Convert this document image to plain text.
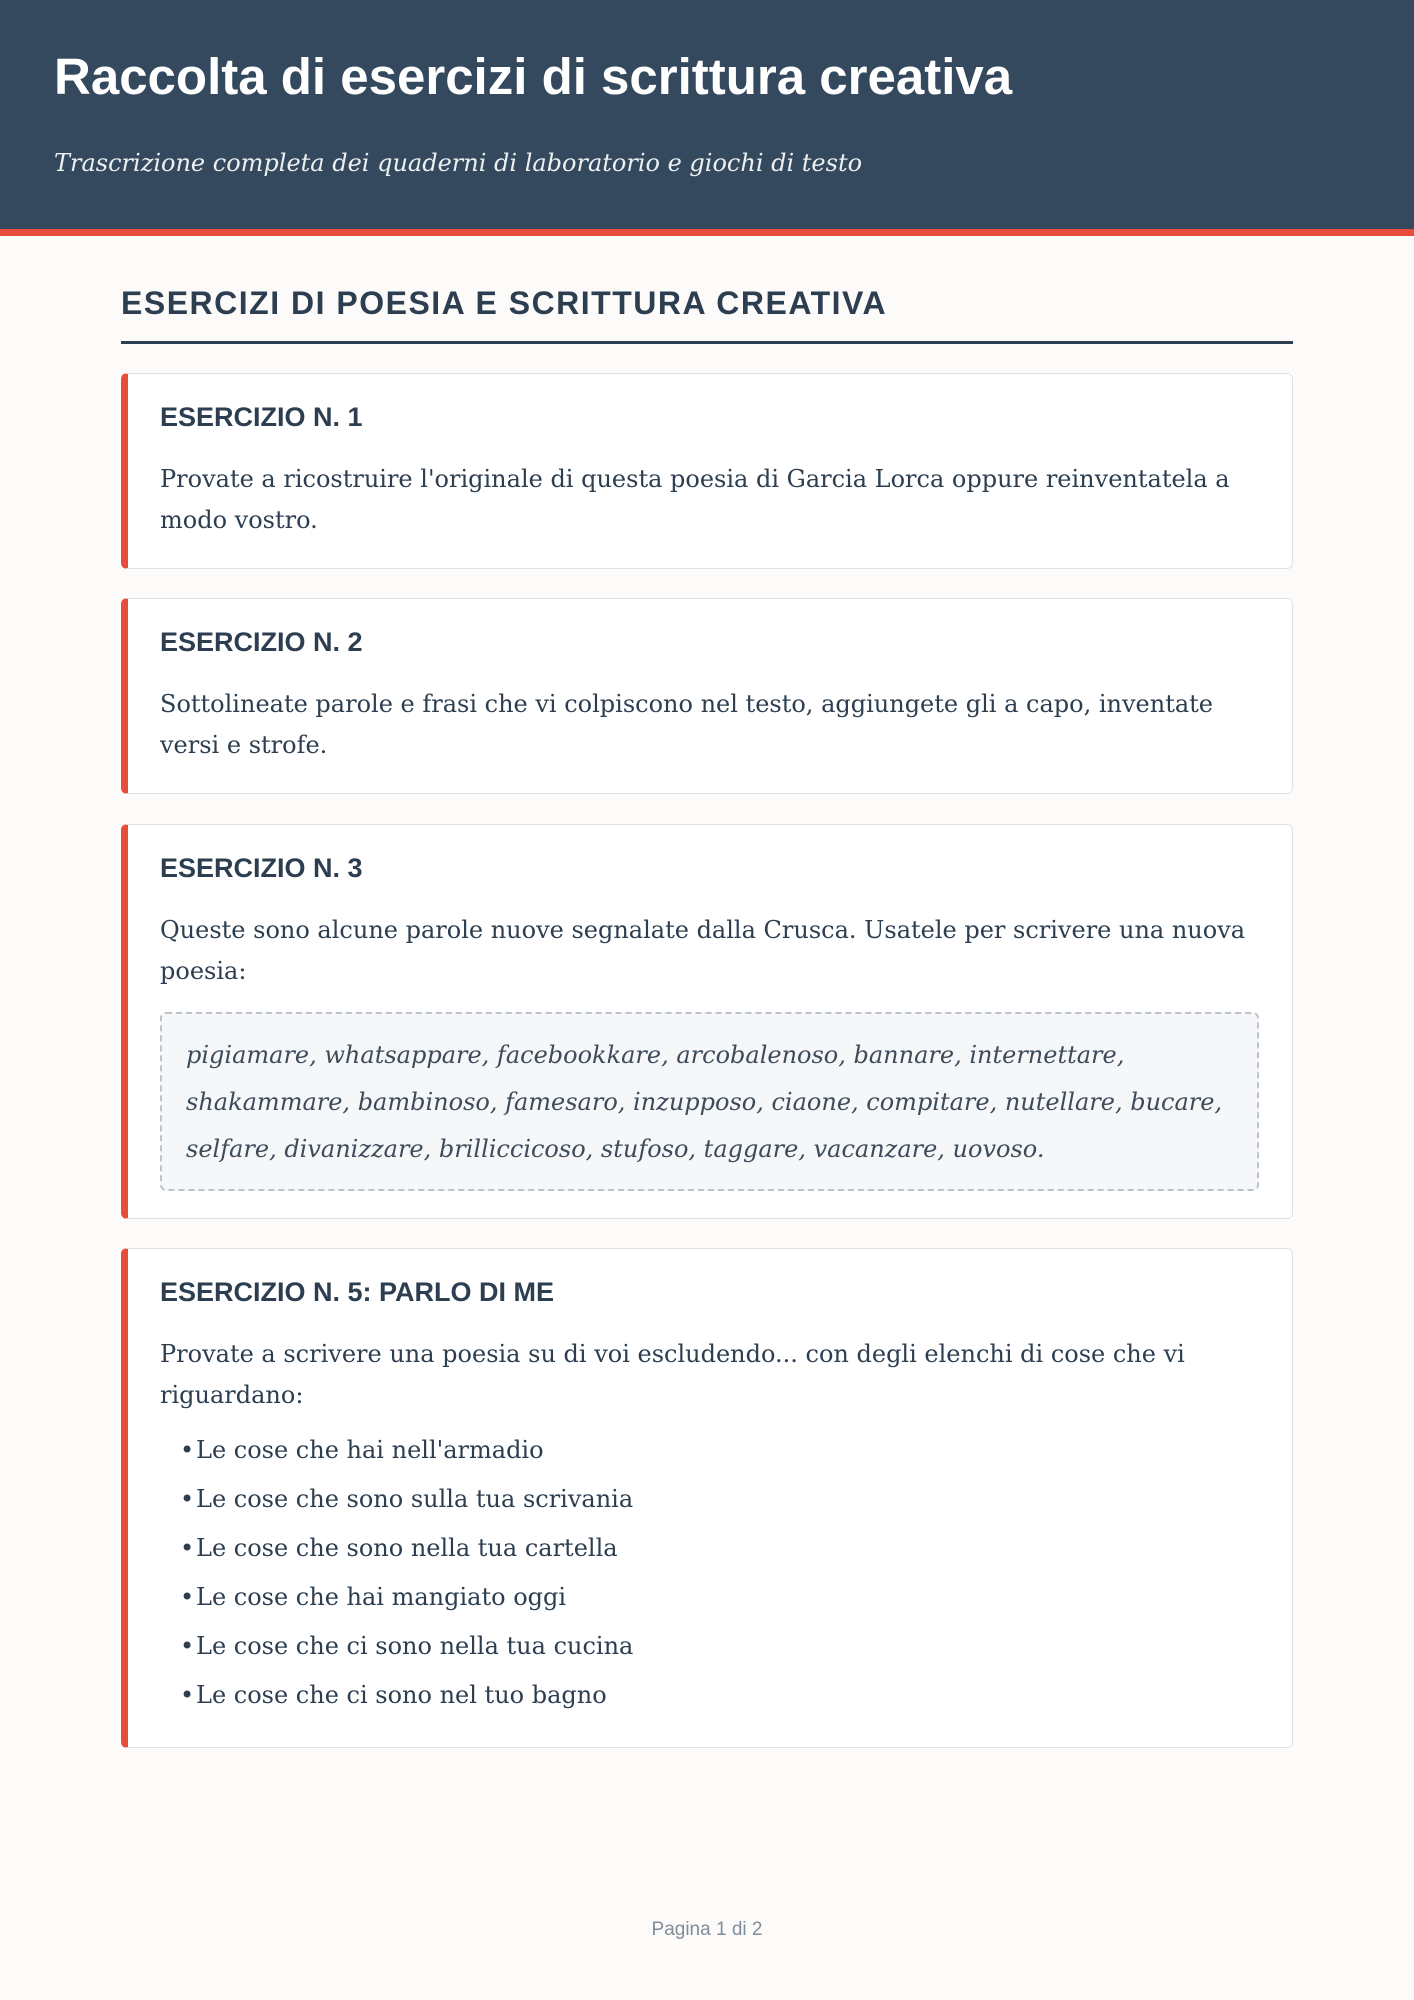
Raccolta di esercizi di scrittura creativa

Trascrizione completa dei quaderni di laboratorio e giochi di testo

ESERCIZI DI POESIA E SCRITTURA CREATIVA
ESERCIZIO N. 1

Provate a ricostruire l'originale di questa poesia di Garcia Lorca oppure reinventatela a modo vostro.

ESERCIZIO N. 2

Sottolineate parole e frasi che vi colpiscono nel testo, aggiungete gli a capo, inventate versi e strofe.

ESERCIZIO N. 3

Queste sono alcune parole nuove segnalate dalla Crusca. Usatele per scrivere una nuova poesia:

pigiamare, whatsappare, facebookkare, arcobalenoso, bannare, internettare, shakammare, bambinoso, famesaro, inzupposo, ciaone, compitare, nutellare, bucare, selfare, divanizzare, brilliccicoso, stufoso, taggare, vacanzare, uovoso.

ESERCIZIO N. 5: PARLO DI ME

Provate a scrivere una poesia su di voi escludendo... con degli elenchi di cose che vi riguardano:

•Le cose che hai nell'armadio
•Le cose che sono sulla tua scrivania
•Le cose che sono nella tua cartella
•Le cose che hai mangiato oggi
•Le cose che ci sono nella tua cucina
•Le cose che ci sono nel tuo bagno

Pagina 1 di 2
